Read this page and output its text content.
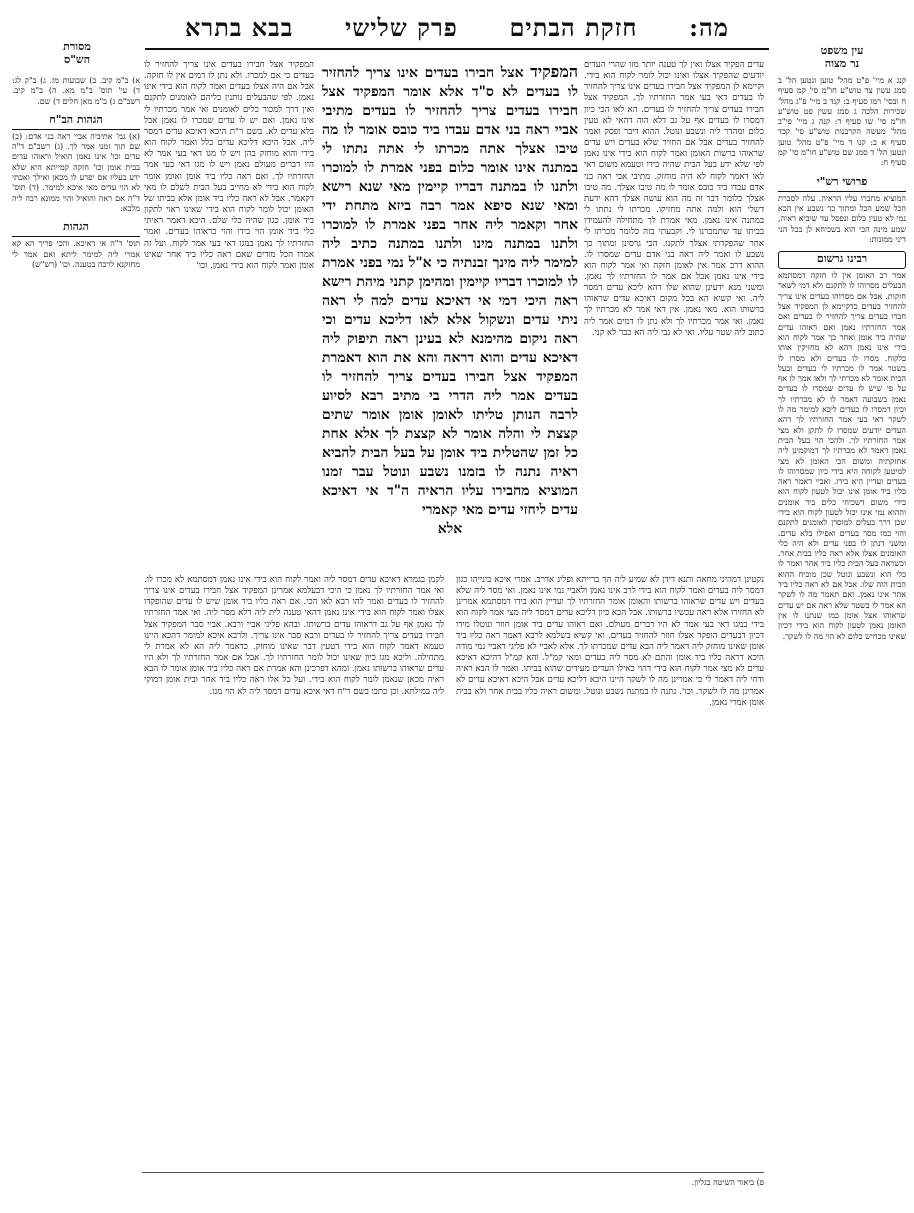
מה:
חזקת הבתים
פרק שלישי
בבא בתרא
מסורת
הש"ס
עין משפט
נר מצוה

קנג א מיי' פ"ט מהל' טוען ונטען הל' ב סמג עשין צד טוש"ע חו"מ סי' קמ סעיף ח ובסי' רמו סעיף ב: קנד ב מיי' פ"ג מהל' שכירות הלכה ג סמג עשין פט טוש"ע חו"מ סי' שו סעיף ד: קנה ג מיי' פי"ב מהל' מעשה הקרבנות טוש"ע סי' קכד סעיף א ב: קנו ד מיי' פ"ט מהל' טוען ונטען הל' ד סמג שם טוש"ע חו"מ סי' קמ סעיף ח:

פרושי רש"י

המוציא מחברו עליו הראיה. עלה לסברת הכל שמע הכל ומתוך כך נשבע אין הכא נמי לא טעין כלום ונפסל עד שיביא ראיה, שמע מינה הכי הוא בשכיחא לן בכל הני דיני ממונות:

רבינו גרשום

אמר רב האומן אין לו חזקה דמסתמא הבעלים מסרוהו לו לתקנם ולא דמי לשאר חזקות. אבל אם מסרוהו בעדים אינו צריך להחזיר בעדים כדקיימא לן המפקיד אצל חברו בעדים צריך להחזיר לו בעדים ואם אמר החזרתיו נאמן ואם ראוהו עדים שהיה ביד אומן ואחר כך אמר לקוח הוא בידי אינו נאמן דהא לא מחזיקין אותו בלקוח. מסרו לו בעדים ולא מסרו לו בשטר אמר לו מכרתיו לי בעדים ובעל הבית אומר לא מכרתי לך ולאו אמר לו אף על פי שיש לו עדים שמסרו לו בעדים נאמן בשבועה דאמר לו לא מכרתיו לך וכיון דמסרו לו בעדים ליכא למימר מה לו לשקר דאי בעי אמר החזרתיו לך דהא העדים יודעים שמסרו לו לתקן ולא מצי אמר החזרתיו לך. ולהכי הוי בעל הבית נאמן דאמר לא מכרתיו לך דמוקמינן ליה אחזקתיה ומשום הכי האומן לא מצי למיטען לקוחה היא בידי כיון שמסרוהו לו בעדים ועדיין היא בידו. ואביי דאמר ראה כליו ביד אומן אינו יכול לטעון לקוח הוא בידי משום דשכיחי כלים ביד אומנים וההוא נמי אינו יכול לטעון לקוח הוא בידי שכן דרך בעלים למוסרן לאומנים לתקנם והוי כמו מסר בעדים ואפילו בלא עדים. ומשני דנתן לו בפני עדים ולא היה כלי האומנים אצלו אלא ראה כליו בבית אחר. וכשראה בעל הבית כליו ביד אחר ואמר לו כלי הוא ונשבע ונוטל שכן מוכיח ההוא הבית הזה שלו. אבל אם לא ראה כליו ביד אחר אינו נאמן. ואם תאמר מה לו לשקר הא אמר לו בשטר שלא ראה אם יש עדים שראוהו אצל אומן כמו שנתנו לו אין האומן נאמן לטעון לקוח הוא בידי דכיון שאינו מכחיש כלום לא הוי מה לו לשקר.

א) ב"מ קיב. ב) שבועות מז. ג) ב"ק לג: ד) עי' תוס' ב"מ מא. ה) ב"מ קיב. רשב"ם ג) ב"מ מאן חלים ד) שם.

הגהות הב"ח

(א) גמ' אתיביה אביי ראה בני אדם: (ב) שם תוך זמנו אמר לך. (ג) רשב"ם ד"ה עדים וכו' אינו נאמן הואיל וראוהו עדים בבית אומן וכו' חזקה קמייתא היא שלא ידע בעליו אם יפרע לו מכאן ואילך ואכתי לא הוי עדים מאי איכא למימר. (ד) תוס' ד"ה אם ראה והואיל והוי ממונא רבה ליה מלכא:

הגהות

תוס' ד"ה אי דאיכא. והכי פריך הא קא אמרי ליה למימר ליתא ואם אמר לי מחזקנא לרבה בטענה. וכו' (רש"ש)

עדים הפקיד אצלו ואין לך טענה יותר מזו שהרי העדים יודעים שהפקיד אצלו ואינו יכול לומר לקוח הוא בידי. וקיימא לן המפקיד אצל חבירו בעדים אינו צריך להחזיר לו בעדים דאי בעי אמר החזרתיו לך. המפקיד אצל חבירו בעדים צריך להחזיר לו בעדים. הא לאו הכי כיון דמסרו לו בעדים אף על גב דלא הוה דהאי לא טעין כלום ומהדר ליה ונשבע ונוטל. ההוא דיבר ופסק ואמר להחזיר בעדים אבל אם החזיר שלא בעדים ויש עדים שראוהו ברשות האומן ואמר לקוח הוא בידי אינו נאמן לפי שלא ידע בעל הבית שהיה בידו וטעמא משום דאי לאו דאמר לקוח לא היה מוחזק. מתיבי אבי ראה בני אדם עבדו ביד כובס אומר לו מה טיבו אצלך. מה טיבו אצלך כלומר דבר זה מה הוא עושה אצלך דהא ידעת דשלי הוא ולמה אתה מחזיקו. מכרתו לי נתתו לי במתנה אינו נאמן. מאי אמרת לך מתחילה להעמידו בביתו עד שתמכרנו לי. וקבעתי בזה כלומר מכרתו לי אחר שהפקדתי אצלך לתקנו. הכי גרסינן ומתוך כך נשבע לו ואמר ליה ראה בני אדם עדים שמסרו לו. ההוא דרב אמר אין לאומן חזקה ואי אמר לקוח הוא בידי אינו נאמן אבל אם אמר לו החזרתיו לך נאמן. ומשני מנא ידעינן שהוא שלו דהא ליכא עדים דמסר ליה. ואי קשיא הא בכל מקום דאיכא עדים שראוהו ברשותו הוא. מאי נאמן. אין דאי אמר לא מכרתיו לך נאמן. ואי אמר מכרתיו לך ולא נתן לו דמים אמר ליה כתוב ליה שטר עליו. ואי לא גבי ליה הא כבר לא קני.

המפקיד אצל חבירו בעדים אינו צריך להחזיר לו בעדים כי אם למכרו. ולא נתן לו דמים אין לו חזקה. אבל אם היה אצלו בעדים ואמר לקוח הוא בידי אינו נאמן. לפי שהבעלים נותנין כליהם לאומנים לתקנם ואין דרך למכור כלים לאומנים ואי אמר מכרתיו לי אינו נאמן. ואם יש לו עדים שמכרו לו נאמן אבל בלא עדים לא. בשם ר"ת היכא דאיכא עדים דמסר ליה. אבל היכא דליכא עדים כלל ואמר לקוח הוא בידי והוא מוחזק בהן ויש לו מגו דאי בעי אמר לא היו דברים מעולם נאמן ויש לו מגו דאי בעי אמר החזרתיו לך. ואם ראה כליו ביד אומן ואומן אומר לקוח הוא בידי לא מחייב בעל הבית לשלם לו מאי דקאמר. אבל לא ראה כליו ביד אומן אלא בביתו של האומן יכול לומר לקוח הוא בידי שאינו ראוי לתקון ביד אומן. כגון שהיה כלי שלם. היכא דאמר ראיתי כלי ביד אומן הוי בידו והוי כראוהו בעדים. ואמר החזרתיו לך נאמן במגו דאי בעי אמר לקוח. ועל זה אמרו הכל מודים שאם ראה כליו ביד אחר שאינו אומן ואמר לקוח הוא בידי נאמן. וכו'

המפקיד אצל חבירו בעדים אינו צריך להחזיר לו בעדים לא ס"ד אלא אומר המפקיד אצל חבירו בעדים צריך להחזיר לו בעדים מתיבי אביי ראה בני אדם עבדו ביד כובס אומר לו מה טיבו אצלך אתה מכרתו לי אתה נתתו לי במתנה אינו אומר כלום בפני אמרת לו למוכרו ולתנו לו במתנה דבריו קיימין מאי שנא רישא ומאי שנא סיפא אמר רבה ביזא מתחת ידי אחר וקאמר ליה אחר בפני אמרת לו למוכרו ולתנו במתנה מינו ולתנו במתנה כתיב ליה למימר ליה מינך זבנתיה כי א"ל נמי בפני אמרת לו למוכרו דבריו קיימין ומהימן קתני מיהת רישא ראה היכי דמי אי דאיכא עדים למה לי ראה ניתי עדים ונשקול אלא לאו דליכא עדים וכי ראה ניקום מהימנא לא בעינן ראה תיפוק ליה דאיכא עדים והוא דראה והא את הוא דאמרת המפקיד אצל חבירו בעדים צריך להחזיר לו בעדים אמר ליה הדרי בי מתיב רבא לסיוע לרבה הנותן טליתו לאומן אומן אומר שתים קצצת לי והלה אומר לא קצצת לך אלא אחת כל זמן שהטלית ביד אומן על בעל הבית להביא ראיה נתנה לו בזמנו נשבע ונוטל עבר זמנו המוציא מחבירו עליו הראיה ה"ד אי דאיכא עדים ליחזי עדים מאי קאמרי

אלא

נקטינן דמהיני מחאה ותנא דידן לא שמיע ליה הך ברייתא ופליג אדרב. אמרי איכא בינייהו כגון דמסר ליה בעדים ואמר לקוח הוא בידי לרב אינו נאמן ולאביי נמי אינו נאמן. ואי מסר ליה שלא בעדים ויש עדים שראוהו ברשותו והאומן אומר החזרתיו לך ועדיין הוא בידו דמסתמא אמרינן לא החזירו אלא ראה עכשיו ברשותו. אבל הכא כיון דליכא עדים דמסר ליה מצי אמר לקוח הוא בידי במגו דאי בעי אמר לא היו דברים מעולם. ואם ראוהו עדים ביד אומן חוזר ונוטלו מידו דכיון דבעדים הופקד אצלו חוזר להחזיר בעדים. ואי קשיא בשלמא לרבא דאמר ראה כליו ביד אומן שאינו מוחזק ליה דאמר ליה הבא עדים שמכרתו לך. אלא לאביי לא פליגי דאביי נמי מודה היכא דראה כליו ביד אומן והתם לא מסר ליה בעדים ומאי קמ"ל. והא קמ"ל דהיכא דאיכא עדים לא מצי אמר לקוח הוא בידי דהוי כאילו העדים מעידים שהוא בביתו. ואמר לו הבא ראיה ודחי ליה דאמר לי כי אמרינן מה לו לשקר היינו היכא דליכא עדים אבל היכא דאיכא עדים לא אמרינן מה לו לשקר. וכו'. נתנה לו במתנה נשבע ונוטל. ומשום ראיה כליו בבית אחר ולא בבית אומן אמרי נאמן.

לקמן בגמרא דאיכא עדים דמסר ליה ואמר לקוח הוא בידי אינו נאמן דמסתמא לא מכרו לו. ואי אמר החזרתיו לך נאמן כי היכי דבעלמא אמרינן המפקיד אצל חבירו בעדים אינו צריך להחזיר לו בעדים ואמר להו רבא לאו הכי. אם ראה כליו ביד אומן שיש לו עדים שהופקדו אצלו ואמר לקוח הוא בידי אינו נאמן דהאי טענה לית ליה דלא מסר ליה. ואי אמר החזרתיו לך נאמן אף על גב דראוהו עדים ברשותו. ובהא פליגי אביי ורבא. אביי סבר המפקיד אצל חבירו בעדים צריך להחזיר לו בעדים ורבא סבר אינו צריך. ולרבא איכא למימר דהכא היינו טעמא דאמר לקוח הוא בידי דטעין דבר שאינו מוחזק. כדאמר ליה הא לא אמרת לי מתחילה. וליכא מגו כיון שאינו יכול לומר החזרתיו לך. אבל אם אמר החזרתיו לך ולא היו עדים שראוהו ברשותו נאמן. ומהא דפרכינן והא אמרת אם ראה כליו ביד אומן אומר לו הבא ראיה מכאן שנאמן לומר לקוח הוא בידי. ועל כל אלו ראה כליו ביד אחר ובית אומן דמוקי ליה במילתא. וכן כתבו בשם ר"ח דאי איכא עדים דמסר ליה לא הוי מגו.

פ) ביאור השיטה בגליון.
